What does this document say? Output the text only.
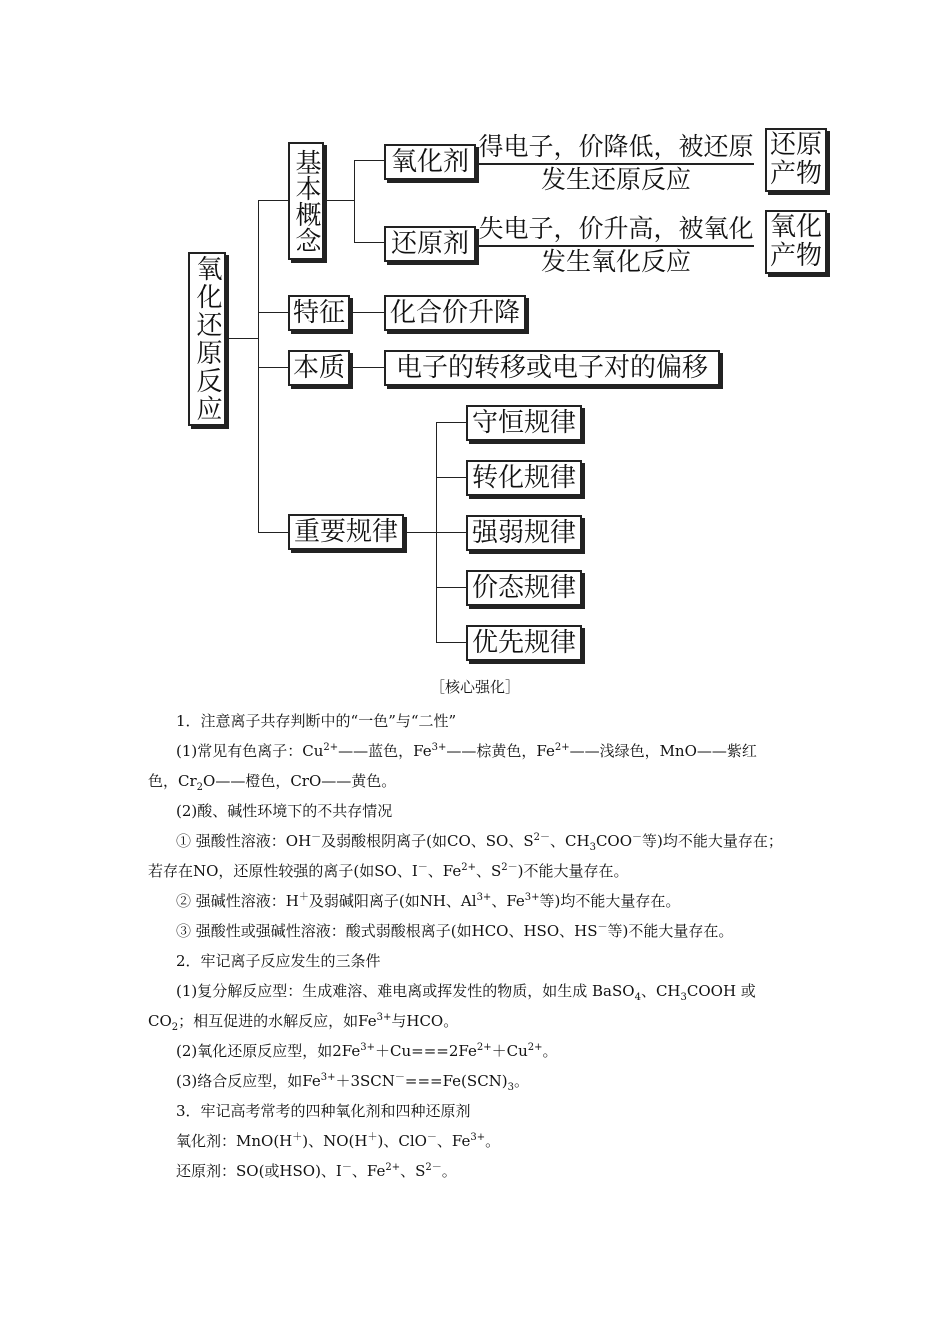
氧化还原反应
基本概念	氧化剂
得电子，价降低，被还原
发生还原反应
还原产物
还原剂
失电子，价升高，被氧化
发生氧化反应
氧化产物
特征 化合价升降
本质	电子的转移或电子对的偏移
重要规律
守恒规律
转化规律
强弱规律
价态规律
优先规律
［核心强化］
1．注意离子共存判断中的“一色”与“二性”
(1)常见有色离子：$Cu^{2+}——$蓝色，$Fe^{3+}——$棕黄色，$Fe^{2+}——$浅绿色，MnO——紫红
色，$Cr_2O——$橙色，CrO——黄色。
(2)酸、碱性环境下的不共存情况
① 强酸性溶液：OH－及弱酸根阴离子(如CO、SO、$S^{2-}$、$CH_3COO^-$等)均不能大量存在；
若存在NO，还原性较强的离子(如SO、I－、$Fe^{2+}$、$S^{2-}$)不能大量存在。
② 强碱性溶液：H＋及弱碱阳离子(如NH、$Al^{3+}$、$Fe^{3+}$等)均不能大量存在。
③ 强酸性或强碱性溶液：酸式弱酸根离子(如HCO、HSO、HS－等)不能大量存在。
2．牢记离子反应发生的三条件
(1)复分解反应型：生成难溶、难电离或挥发性的物质，如生成 BaSO$_4$、$CH_3COOH$ 或
$CO_2$；相互促进的水解反应，如$Fe^{3+}$与HCO。
(2)氧化还原反应型，如$2Fe^{3+}+Cu===2Fe^{2+}+Cu^{2+}$。
(3)络合反应型，如$Fe^{3+}+3SCN^-===Fe(SCN)_3$。
3．牢记高考常考的四种氧化剂和四种还原剂
氧化剂：MnO(H＋)、NO(H＋)、ClO－、$Fe^{3+}$。
还原剂：SO(或HSO)、I－、$Fe^{2+}$、$S^{2-}$。
